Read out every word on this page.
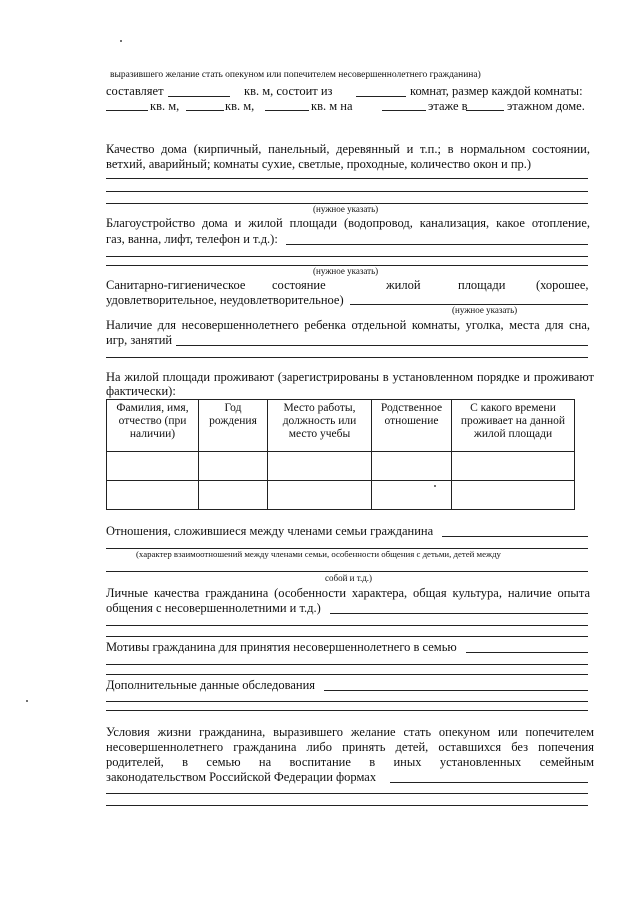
выразившего желание стать опекуном или попечителем несовершеннолетнего гражданина)
составляет	кв. м, состоит из	комнат, размер каждой комнаты:
кв. м,	кв. м,	кв. м на	этаже в	этажном доме.
Качество дома (кирпичный, панельный, деревянный и т.п.; в нормальном состоянии,
ветхий, аварийный; комнаты сухие, светлые, проходные, количество окон и пр.)
(нужное указать)
Благоустройство дома и жилой площади (водопровод, канализация, какое отопление,
газ, ванна, лифт, телефон и т.д.):
(нужное указать)
Санитарно-гигиеническое состояние	жилой	площади (хорошее,
удовлетворительное, неудовлетворительное)
(нужное указать)
Наличие для несовершеннолетнего ребенка отдельной комнаты, уголка, места для сна,
игр, занятий
На жилой площади проживают (зарегистрированы в установленном порядке и проживают
фактически):
Фамилия, имя, отчество (при наличии)	Год рождения	Место работы, должность или место учебы	Родственное отношение	С какого времени проживает на данной жилой площади

Отношения, сложившиеся между членами семьи гражданина
(характер взаимоотношений между членами семьи, особенности общения с детьми, детей между
собой и т.д.)
Личные качества гражданина (особенности характера, общая культура, наличие опыта
общения с несовершеннолетними и т.д.)
Мотивы гражданина для принятия несовершеннолетнего в семью
Дополнительные данные обследования
Условия жизни гражданина, выразившего желание стать опекуном или попечителем
несовершеннолетнего гражданина либо принять детей, оставшихся без попечения
родителей, в семью на воспитание в иных установленных семейным
законодательством Российской Федерации формах
